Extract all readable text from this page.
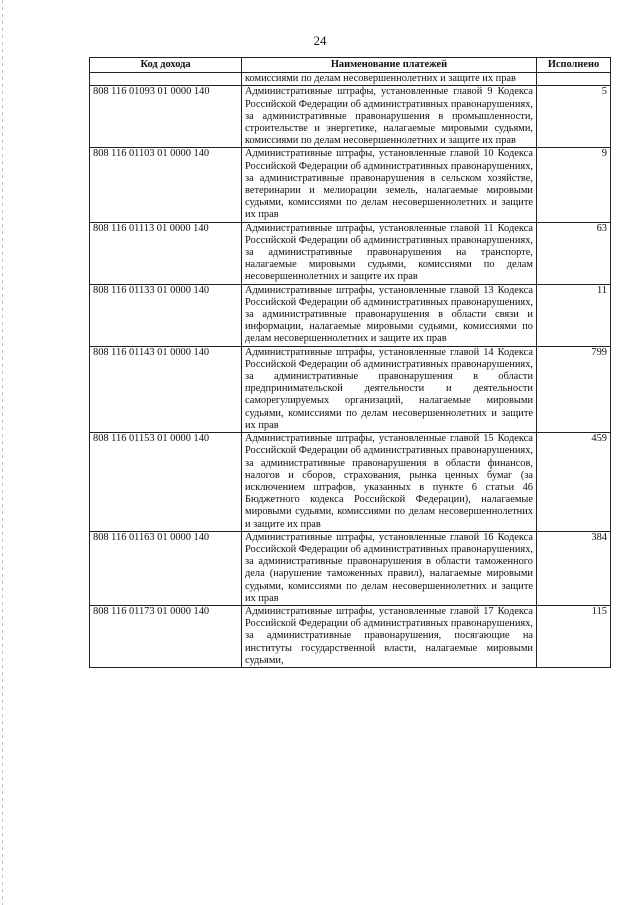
24
Код дохода	Наименование платежей	Исполнено
	комиссиями по делам несовершеннолетних и защите их прав	
808 116 01093 01 0000 140	Административные штрафы, установленные главой 9 Кодекса Российской Федерации об административных правонарушениях, за административные правонарушения в промышленности, строительстве и энергетике, налагаемые мировыми судьями, комиссиями по делам несовершеннолетних и защите их прав	5
808 116 01103 01 0000 140	Административные штрафы, установленные главой 10 Кодекса Российской Федерации об административных правонарушениях, за административные правонарушения в сельском хозяйстве, ветеринарии и мелиорации земель, налагаемые мировыми судьями, комиссиями по делам несовершеннолетних и защите их прав	9
808 116 01113 01 0000 140	Административные штрафы, установленные главой 11 Кодекса Российской Федерации об административных правонарушениях, за административные правонарушения на транспорте, налагаемые мировыми судьями, комиссиями по делам несовершеннолетних и защите их прав	63
808 116 01133 01 0000 140	Административные штрафы, установленные главой 13 Кодекса Российской Федерации об административных правонарушениях, за административные правонарушения в области связи и информации, налагаемые мировыми судьями, комиссиями по делам несовершеннолетних и защите их прав	11
808 116 01143 01 0000 140	Административные штрафы, установленные главой 14 Кодекса Российской Федерации об административных правонарушениях, за административные правонарушения в области предпринимательской деятельности и деятельности саморегулируемых организаций, налагаемые мировыми судьями, комиссиями по делам несовершеннолетних и защите их прав	799
808 116 01153 01 0000 140	Административные штрафы, установленные главой 15 Кодекса Российской Федерации об административных правонарушениях, за административные правонарушения в области финансов, налогов и сборов, страхования, рынка ценных бумаг (за исключением штрафов, указанных в пункте 6 статьи 46 Бюджетного кодекса Российской Федерации), налагаемые мировыми судьями, комиссиями по делам несовершеннолетних и защите их прав	459
808 116 01163 01 0000 140	Административные штрафы, установленные главой 16 Кодекса Российской Федерации об административных правонарушениях, за административные правонарушения в области таможенного дела (нарушение таможенных правил), налагаемые мировыми судьями, комиссиями по делам несовершеннолетних и защите их прав	384
808 116 01173 01 0000 140	Административные штрафы, установленные главой 17 Кодекса Российской Федерации об административных правонарушениях, за административные правонарушения, посягающие на институты государственной власти, налагаемые мировыми судьями,	115
